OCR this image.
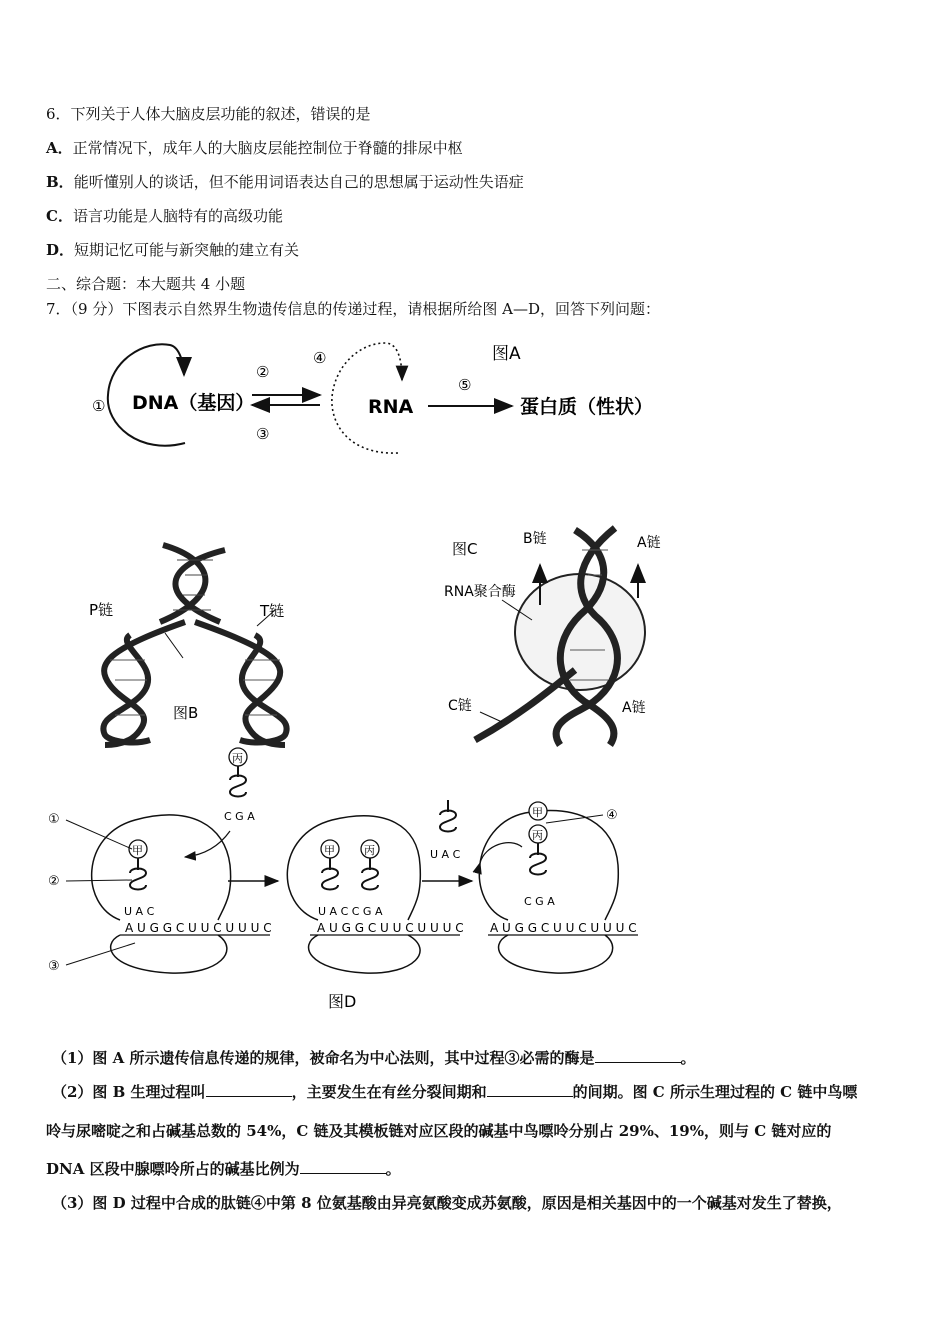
6．下列关于人体大脑皮层功能的叙述，错误的是
A．正常情况下，成年人的大脑皮层能控制位于脊髓的排尿中枢
B．能听懂别人的谈话，但不能用词语表达自己的思想属于运动性失语症
C．语言功能是人脑特有的高级功能
D．短期记忆可能与新突触的建立有关
二、综合题：本大题共 4 小题
7．（9 分）下图表示自然界生物遗传信息的传递过程，请根据所给图 A—D，回答下列问题：
① DNA（基因）
②
③
④
RNA
⑤
蛋白质（性状）
图A
P链	T链
图B
图C
B链	A链
RNA聚合酶
C链	A链
A U G G C U U C U U U C	A U G G C U U C U U U C A U G G C U U C U U U C
甲
U A C
丙
C G A
甲	丙
U A C C G A
U A C
甲
丙
C G A
①
②
③
④
图D
（1）图 A 所示遗传信息传递的规律，被命名为中心法则，其中过程③必需的酶是	。
（2）图 B 生理过程叫	，主要发生在有丝分裂间期和	的间期。图 C 所示生理过程的 C 链中鸟嘌
呤与尿嘧啶之和占碱基总数的 54%，C 链及其模板链对应区段的碱基中鸟嘌呤分别占 29%、19%，则与 C 链对应的
DNA 区段中腺嘌呤所占的碱基比例为	。
（3）图 D 过程中合成的肽链④中第 8 位氨基酸由异亮氨酸变成苏氨酸，原因是相关基因中的一个碱基对发生了替换，
